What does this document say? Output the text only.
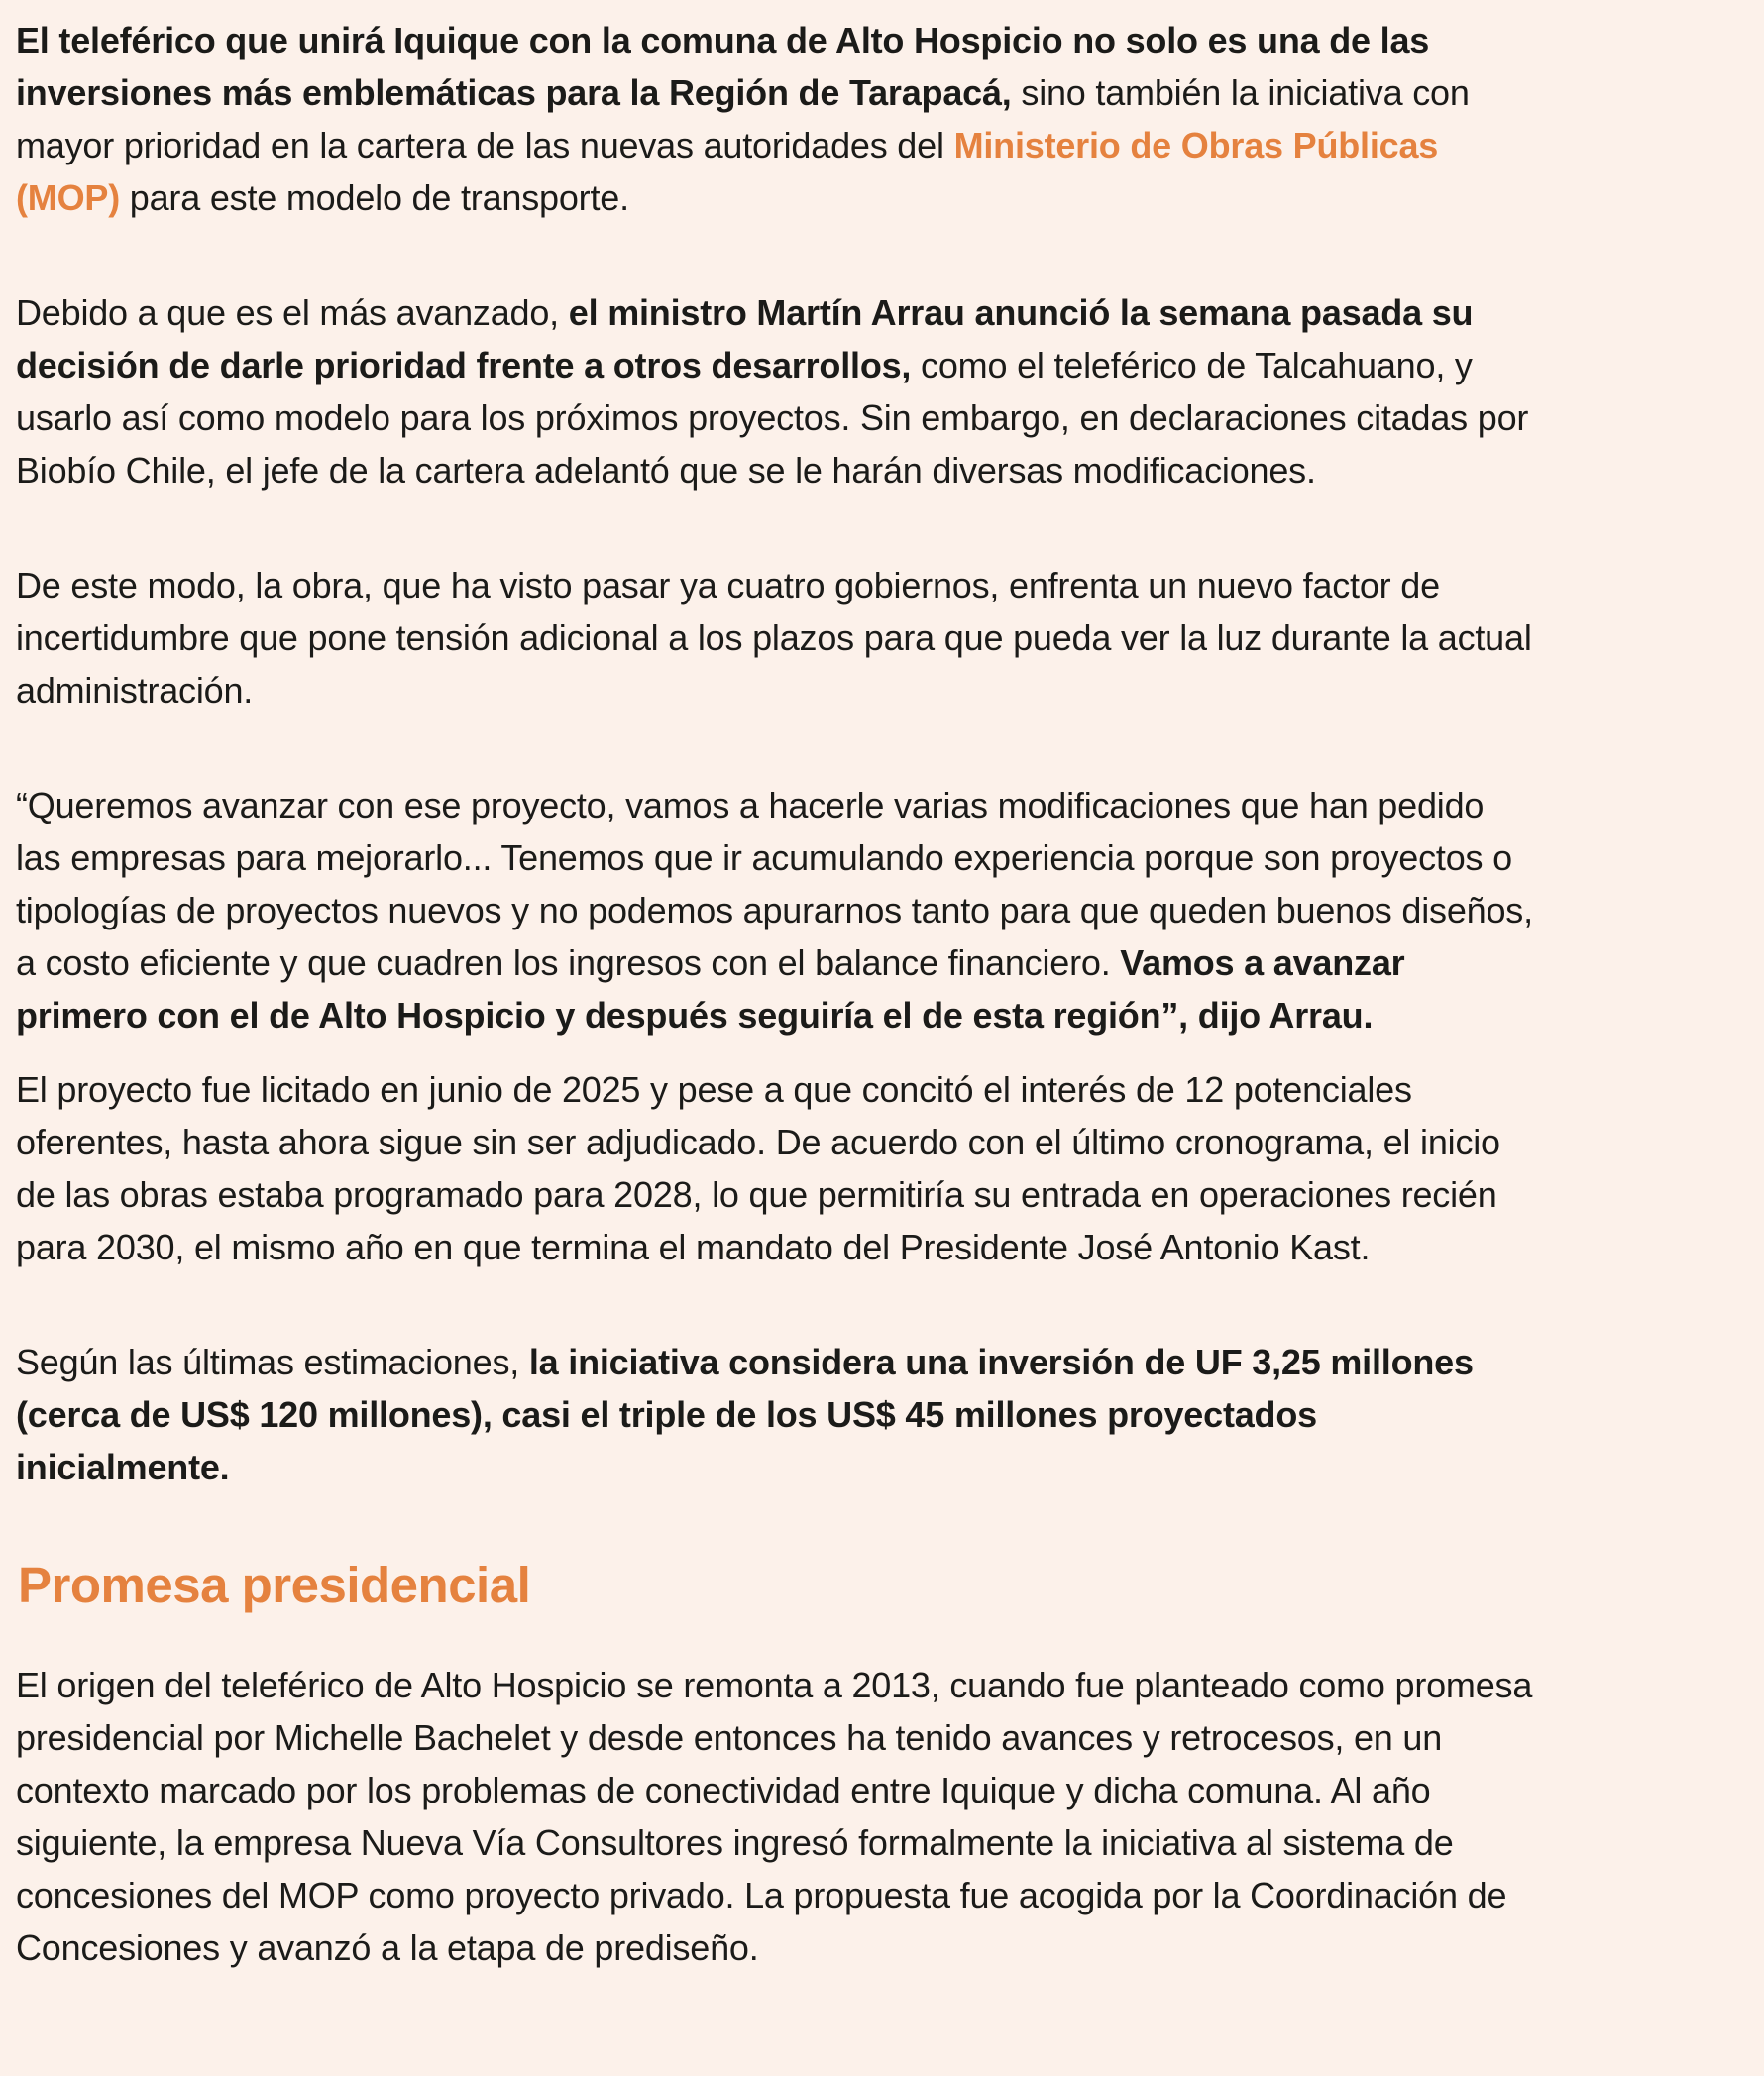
El teleférico que unirá Iquique con la comuna de Alto Hospicio no solo es una de las inversiones más emblemáticas para la Región de Tarapacá, sino también la iniciativa con mayor prioridad en la cartera de las nuevas autoridades del Ministerio de Obras Públicas (MOP) para este modelo de transporte.

Debido a que es el más avanzado, el ministro Martín Arrau anunció la semana pasada su decisión de darle prioridad frente a otros desarrollos, como el teleférico de Talcahuano, y usarlo así como modelo para los próximos proyectos. Sin embargo, en declaraciones citadas por Biobío Chile, el jefe de la cartera adelantó que se le harán diversas modificaciones.

De este modo, la obra, que ha visto pasar ya cuatro gobiernos, enfrenta un nuevo factor de incertidumbre que pone tensión adicional a los plazos para que pueda ver la luz durante la actual administración.

“Queremos avanzar con ese proyecto, vamos a hacerle varias modificaciones que han pedido las empresas para mejorarlo... Tenemos que ir acumulando experiencia porque son proyectos o tipologías de proyectos nuevos y no podemos apurarnos tanto para que queden buenos diseños, a costo eficiente y que cuadren los ingresos con el balance financiero. Vamos a avanzar primero con el de Alto Hospicio y después seguiría el de esta región”, dijo Arrau.

El proyecto fue licitado en junio de 2025 y pese a que concitó el interés de 12 potenciales oferentes, hasta ahora sigue sin ser adjudicado. De acuerdo con el último cronograma, el inicio de las obras estaba programado para 2028, lo que permitiría su entrada en operaciones recién para 2030, el mismo año en que termina el mandato del Presidente José Antonio Kast.

Según las últimas estimaciones, la iniciativa considera una inversión de UF 3,25 millones (cerca de US$ 120 millones), casi el triple de los US$ 45 millones proyectados inicialmente.

Promesa presidencial

El origen del teleférico de Alto Hospicio se remonta a 2013, cuando fue planteado como promesa presidencial por Michelle Bachelet y desde entonces ha tenido avances y retrocesos, en un contexto marcado por los problemas de conectividad entre Iquique y dicha comuna. Al año siguiente, la empresa Nueva Vía Consultores ingresó formalmente la iniciativa al sistema de concesiones del MOP como proyecto privado. La propuesta fue acogida por la Coordinación de Concesiones y avanzó a la etapa de prediseño.
